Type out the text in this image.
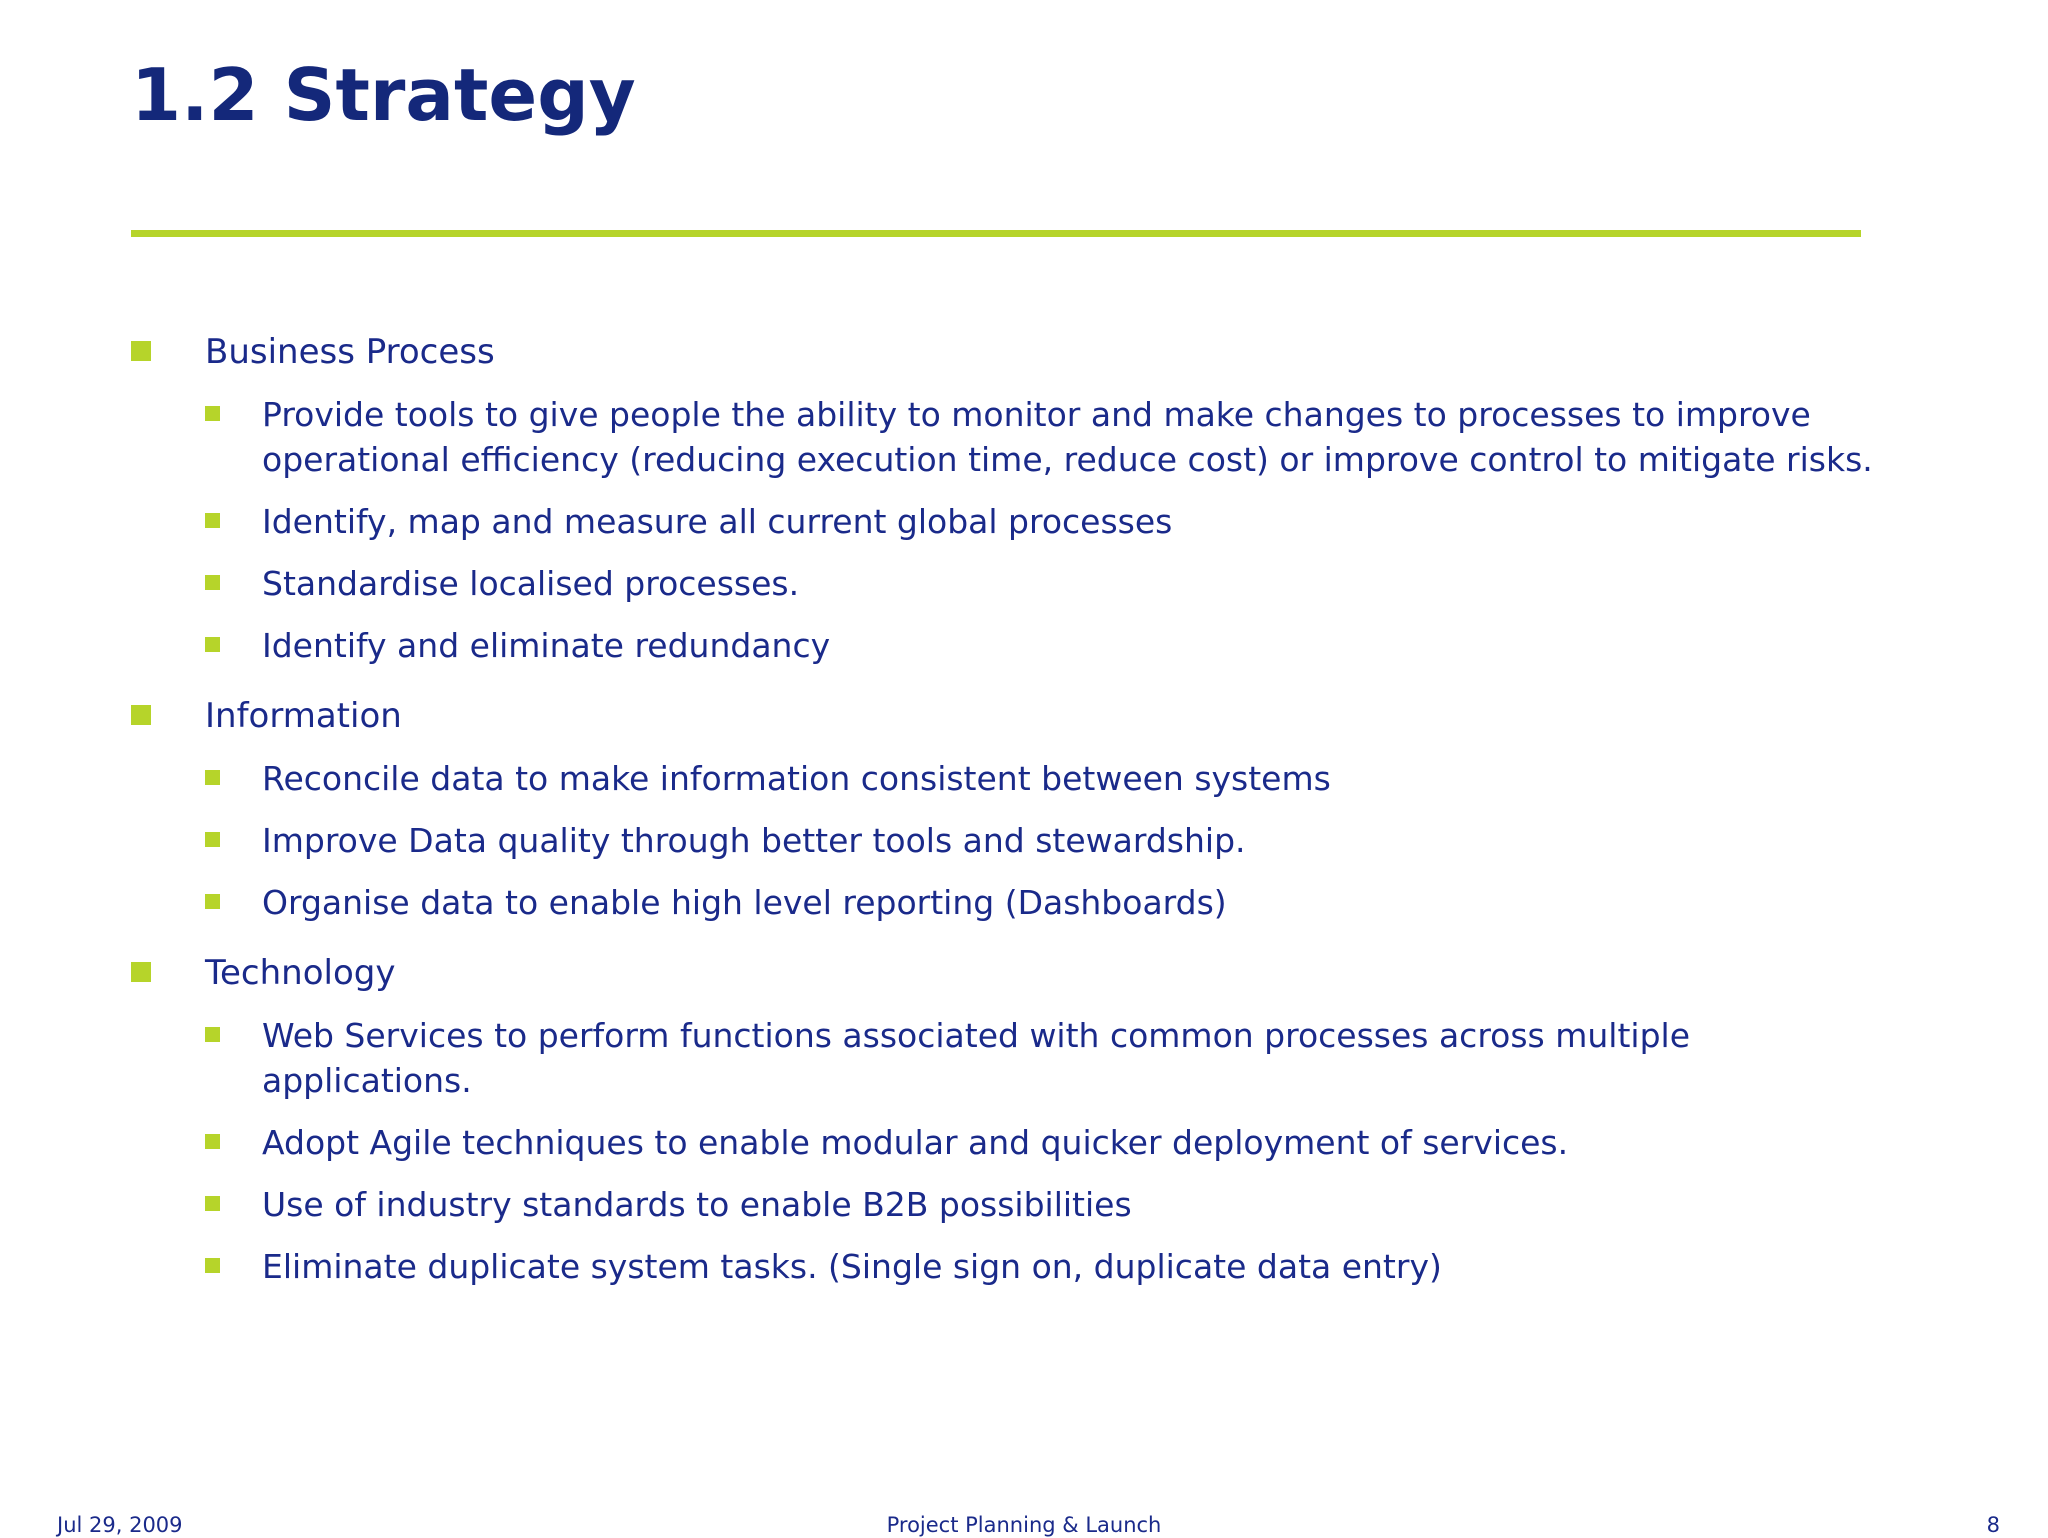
1.2 Strategy
Business Process
Provide tools to give people the ability to monitor and make changes to processes to improve operational efficiency (reducing execution time, reduce cost) or improve control to mitigate risks.
Identify, map and measure all current global processes
Standardise localised processes.
Identify and eliminate redundancy
Information
Reconcile data to make information consistent between systems
Improve Data quality through better tools and stewardship.
Organise data to enable high level reporting (Dashboards)
Technology
Web Services to perform functions associated with common processes across multiple applications.
Adopt Agile techniques to enable modular and quicker deployment of services.
Use of industry standards to enable B2B possibilities
Eliminate duplicate system tasks. (Single sign on, duplicate data entry)
Project Planning & Launch
Jul 29, 2009	8
